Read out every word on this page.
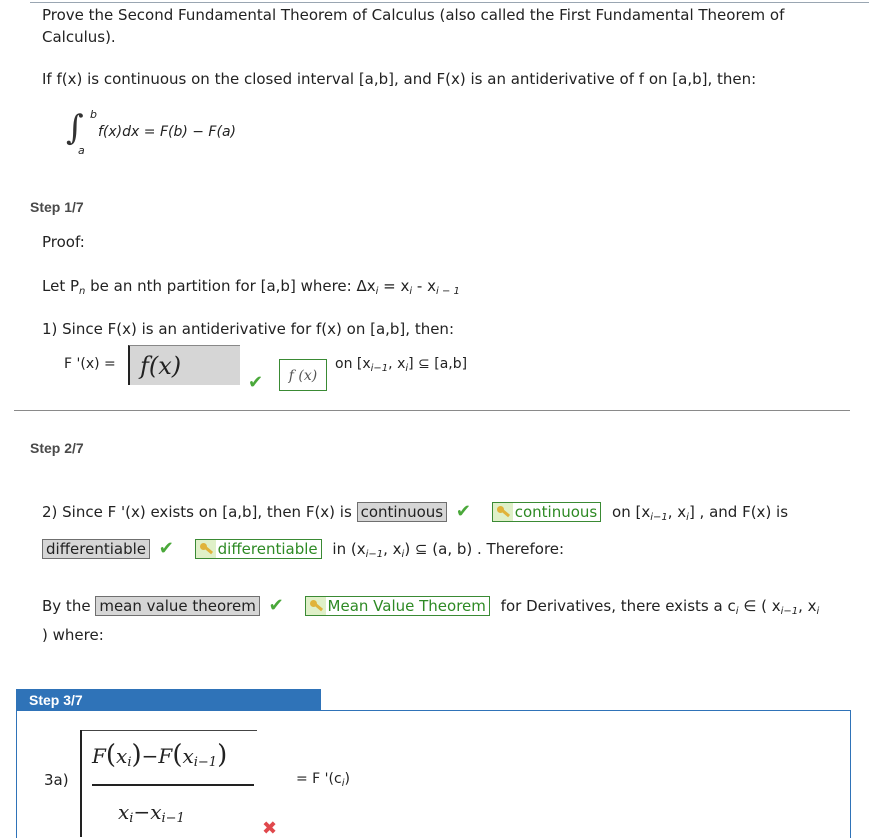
Prove the Second Fundamental Theorem of Calculus (also called the First Fundamental Theorem of
Calculus).
If f(x) is continuous on the closed interval [a,b], and F(x) is an antiderivative of f on [a,b], then:
∫ b
a
f(x)dx = F(b) − F(a)
Step 1/7
Proof:
Let $P_n$ be an nth partition for [a,b] where: $\Delta x_i = x_i - x_{i - 1}$
1) Since F(x) is an antiderivative for f(x) on [a,b], then:
F '(x) =	f(x)
✔	f (x)
on [$x_{i-1}$, $x_i$] ⊆ [a,b]
Step 2/7
2) Since F '(x) exists on [a,b], then F(x) is continuous ✔	continuous on [$x_{i-1}$, $x_i$] , and F(x) is
differentiable ✔	differentiable in ($x_{i-1}$, $x_i$) ⊆ (a, b) . Therefore:
By the mean value theorem ✔	Mean Value Theorem for Derivatives, there exists a $c_i$ ∈ ( $x_{i-1}$, $x_i$
) where:
Step 3/7
3a)
$F(x_i)-F(x_{i-1})$
$x_i-x_{i-1}$	✖
= F '$(c_i)$
